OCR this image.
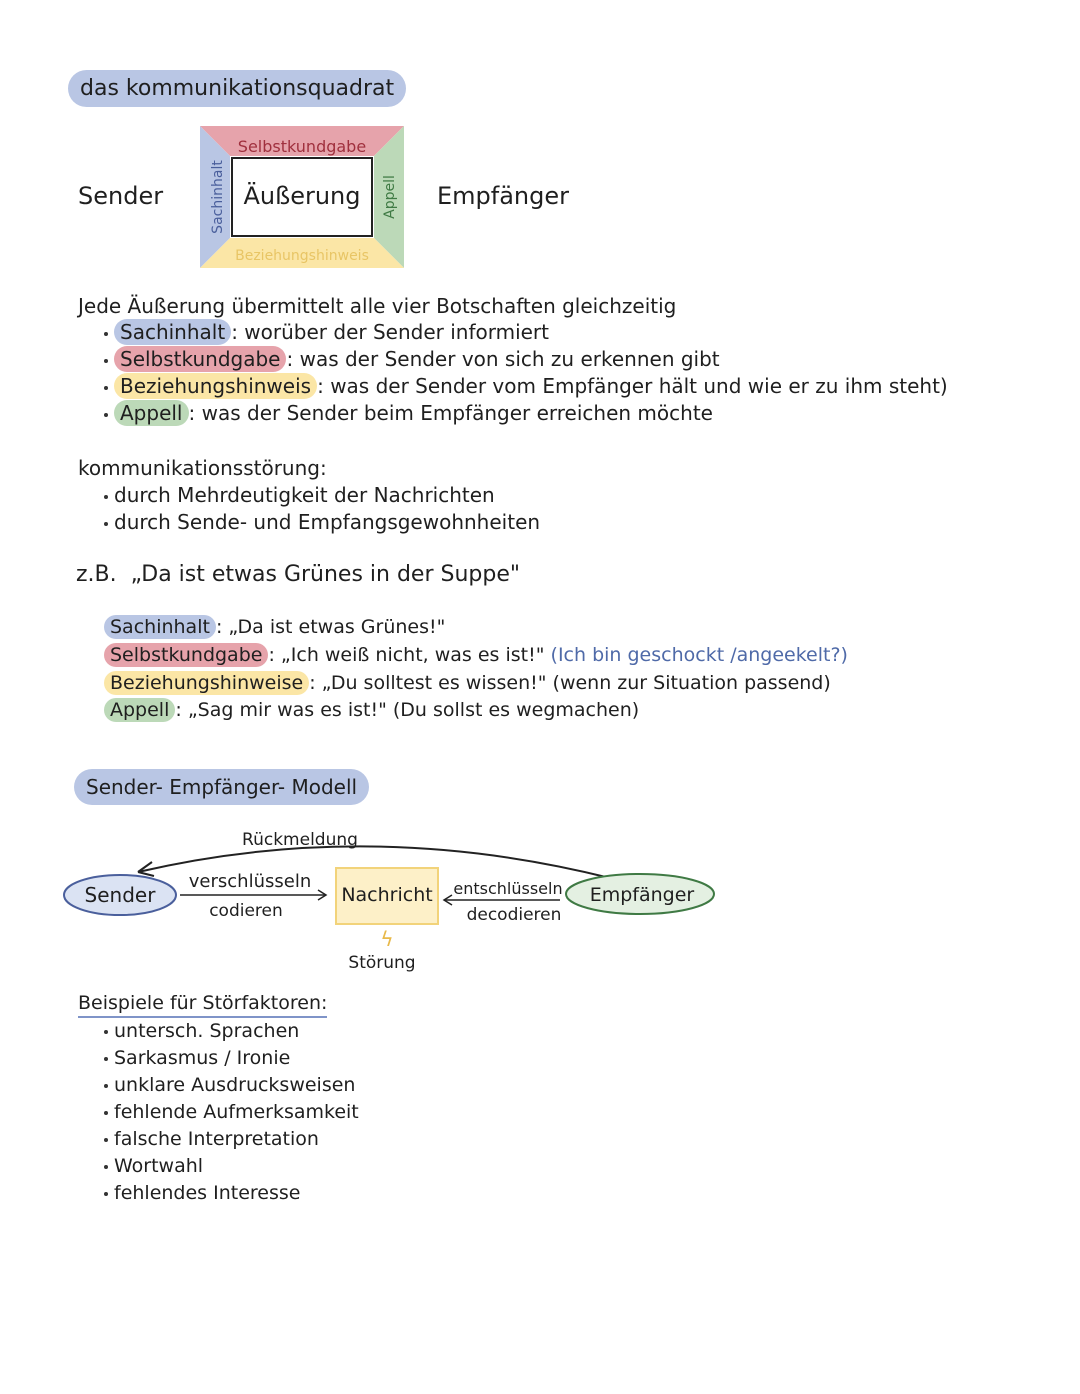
das kommunikationsquadrat
Sender	Empfänger
Selbstkundgabe
Beziehungshinweis
Äußerung
Sachinhalt	Appell
Jede Äußerung übermittelt alle vier Botschaften gleichzeitig
Sachinhalt : worüber der Sender informiert
Selbstkundgabe : was der Sender von sich zu erkennen gibt
Beziehungshinweis : was der Sender vom Empfänger hält und wie er zu ihm steht)
Appell : was der Sender beim Empfänger erreichen möchte
kommunikationsstörung:
durch Mehrdeutigkeit der Nachrichten
durch Sende- und Empfangsgewohnheiten
z.B. „Da ist etwas Grünes in der Suppe"
Sachinhalt : „Da ist etwas Grünes!"
Selbstkundgabe : „Ich weiß nicht, was es ist!" (Ich bin geschockt /angeekelt?)
Beziehungshinweise : „Du solltest es wissen!" (wenn zur Situation passend)
Appell : „Sag mir was es ist!" (Du sollst es wegmachen)
Sender- Empfänger- Modell
Rückmeldung
Sender
verschlüsseln
codieren
Nachricht entschlüsseln
decodieren
Empfänger
ϟ
Störung
Beispiele für Störfaktoren:
untersch. Sprachen
Sarkasmus / Ironie
unklare Ausdrucksweisen
fehlende Aufmerksamkeit
falsche Interpretation
Wortwahl
fehlendes Interesse
